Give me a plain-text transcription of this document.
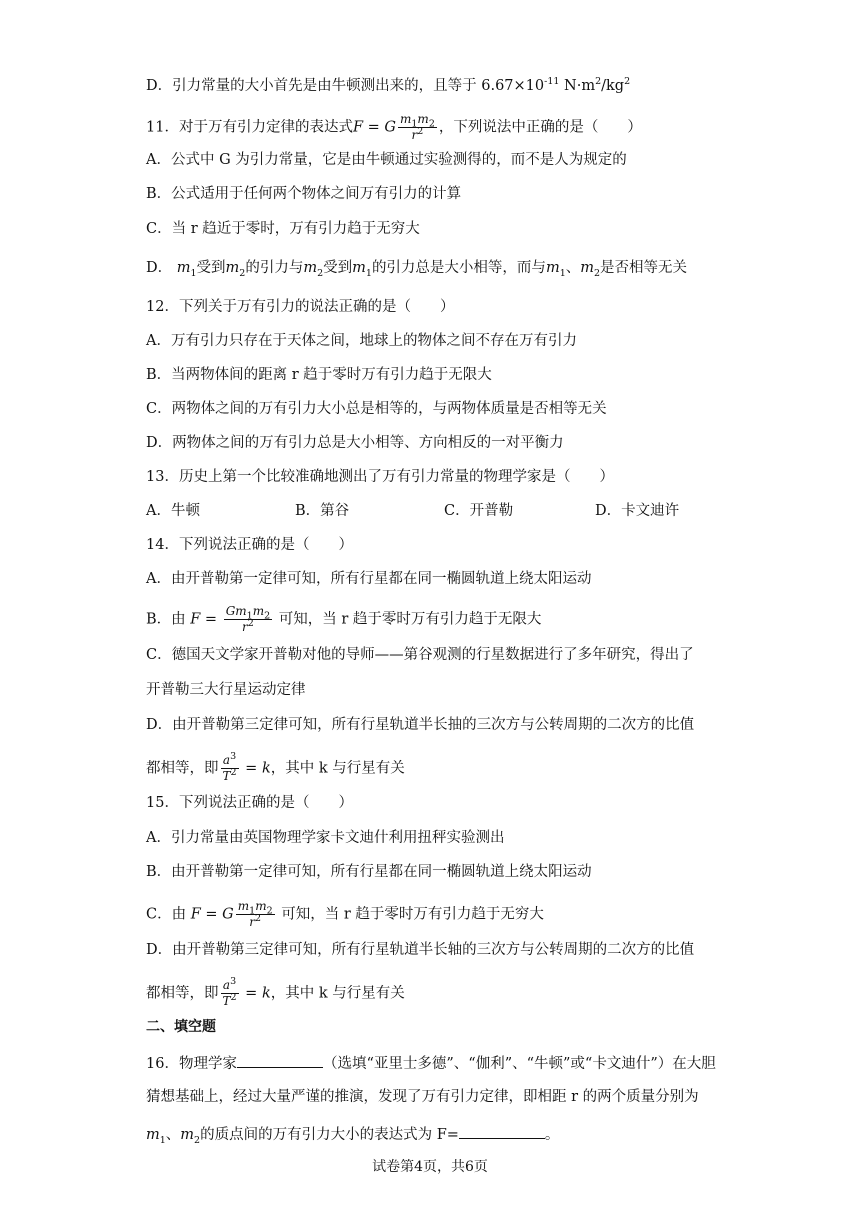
D．引力常量的大小首先是由牛顿测出来的，且等于 $6.67\times 10^{-11}$ $N\cdot m^2/kg^2$
11．对于万有引力定律的表达式F = G $\frac{m_1m_2}{r^2}$ ，下列说法中正确的是（　　）
A．公式中 G 为引力常量，它是由牛顿通过实验测得的，而不是人为规定的
B．公式适用于任何两个物体之间万有引力的计算
C．当 r 趋近于零时，万有引力趋于无穷大
D． $m_1$受到$m_2$的引力与$m_2$受到$m_1$的引力总是大小相等，而与$m_1$、$m_2$是否相等无关
12．下列关于万有引力的说法正确的是（　　）
A．万有引力只存在于天体之间，地球上的物体之间不存在万有引力
B．当两物体间的距离 r 趋于零时万有引力趋于无限大
C．两物体之间的万有引力大小总是相等的，与两物体质量是否相等无关
D．两物体之间的万有引力总是大小相等、方向相反的一对平衡力
13．历史上第一个比较准确地测出了万有引力常量的物理学家是（　　）
A．牛顿	B．第谷	C．开普勒	D．卡文迪许
14．下列说法正确的是（　　）
A．由开普勒第一定律可知，所有行星都在同一椭圆轨道上绕太阳运动
B．由 $F = \frac{Gm_1m_2}{r^2}$ 可知，当 r 趋于零时万有引力趋于无限大
C．德国天文学家开普勒对他的导师——第谷观测的行星数据进行了多年研究，得出了
开普勒三大行星运动定律
D．由开普勒第三定律可知，所有行星轨道半长抽的三次方与公转周期的二次方的比值
都相等，即 $\frac{a^3}{T^2} = k$，其中 k 与行星有关
15．下列说法正确的是（　　）
A．引力常量由英国物理学家卡文迪什利用扭秤实验测出
B．由开普勒第一定律可知，所有行星都在同一椭圆轨道上绕太阳运动
C．由 F = G $\frac{m_1m_2}{r^2}$ 可知，当 r 趋于零时万有引力趋于无穷大
D．由开普勒第三定律可知，所有行星轨道半长轴的三次方与公转周期的二次方的比值
都相等，即 $\frac{a^3}{T^2} = k$，其中 k 与行星有关
二、填空题
16．物理学家	（选填“亚里士多德”、“伽利”、“牛顿”或“卡文迪什”）在大胆
猜想基础上，经过大量严谨的推演，发现了万有引力定律，即相距 r 的两个质量分别为
$m_1$、$m_2$的质点间的万有引力大小的表达式为 F=	。
试卷第4页，共6页
